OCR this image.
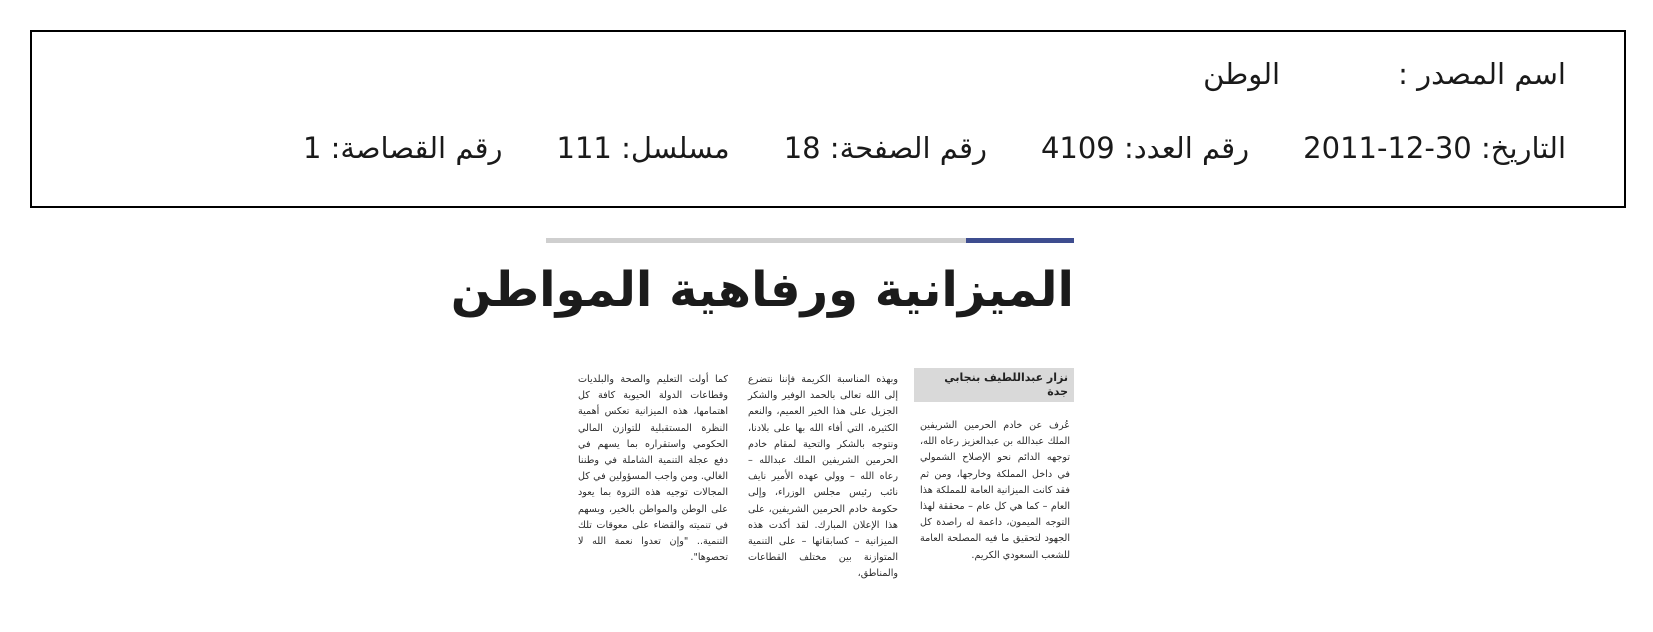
اسم المصدر :الوطن
التاريخ: 30-12-2011رقم العدد: 4109رقم الصفحة: 18مسلسل: 111رقم القصاصة: 1
الميزانية ورفاهية المواطن
نزار عبداللطيف بنجابي
جدة

عُرف عن خادم الحرمين الشريفين الملك عبدالله بن عبدالعزيز رعاه الله، توجهه الدائم نحو الإصلاح الشمولي في داخل المملكة وخارجها، ومن ثم فقد كانت الميزانية العامة للمملكة هذا العام – كما هي كل عام – محققة لهذا التوجه الميمون، داعمة له راصدة كل الجهود لتحقيق ما فيه المصلحة العامة للشعب السعودي الكريم.

وبهذه المناسبة الكريمة فإننا نتضرع إلى الله تعالى بالحمد الوفير والشكر الجزيل على هذا الخير العميم، والنعم الكثيرة، التي أفاء الله بها على بلادنا، ونتوجه بالشكر والتحية لمقام خادم الحرمين الشريفين الملك عبدالله – رعاه الله – وولي عهده الأمير نايف نائب رئيس مجلس الوزراء، وإلى حكومة خادم الحرمين الشريفين، على هذا الإعلان المبارك. لقد أكدت هذه الميزانية – كسابقاتها – على التنمية المتوازنة بين مختلف القطاعات والمناطق،

كما أولت التعليم والصحة والبلديات وقطاعات الدولة الحيوية كافة كل اهتمامها، هذه الميزانية تعكس أهمية النظرة المستقبلية للتوازن المالي الحكومي واستقراره بما يسهم في دفع عجلة التنمية الشاملة في وطننا الغالي. ومن واجب المسؤولين في كل المجالات توجيه هذه الثروة بما يعود على الوطن والمواطن بالخير، ويسهم في تنميته والقضاء على معوقات تلك التنمية.. "وإن تعدوا نعمة الله لا تحصوها".
